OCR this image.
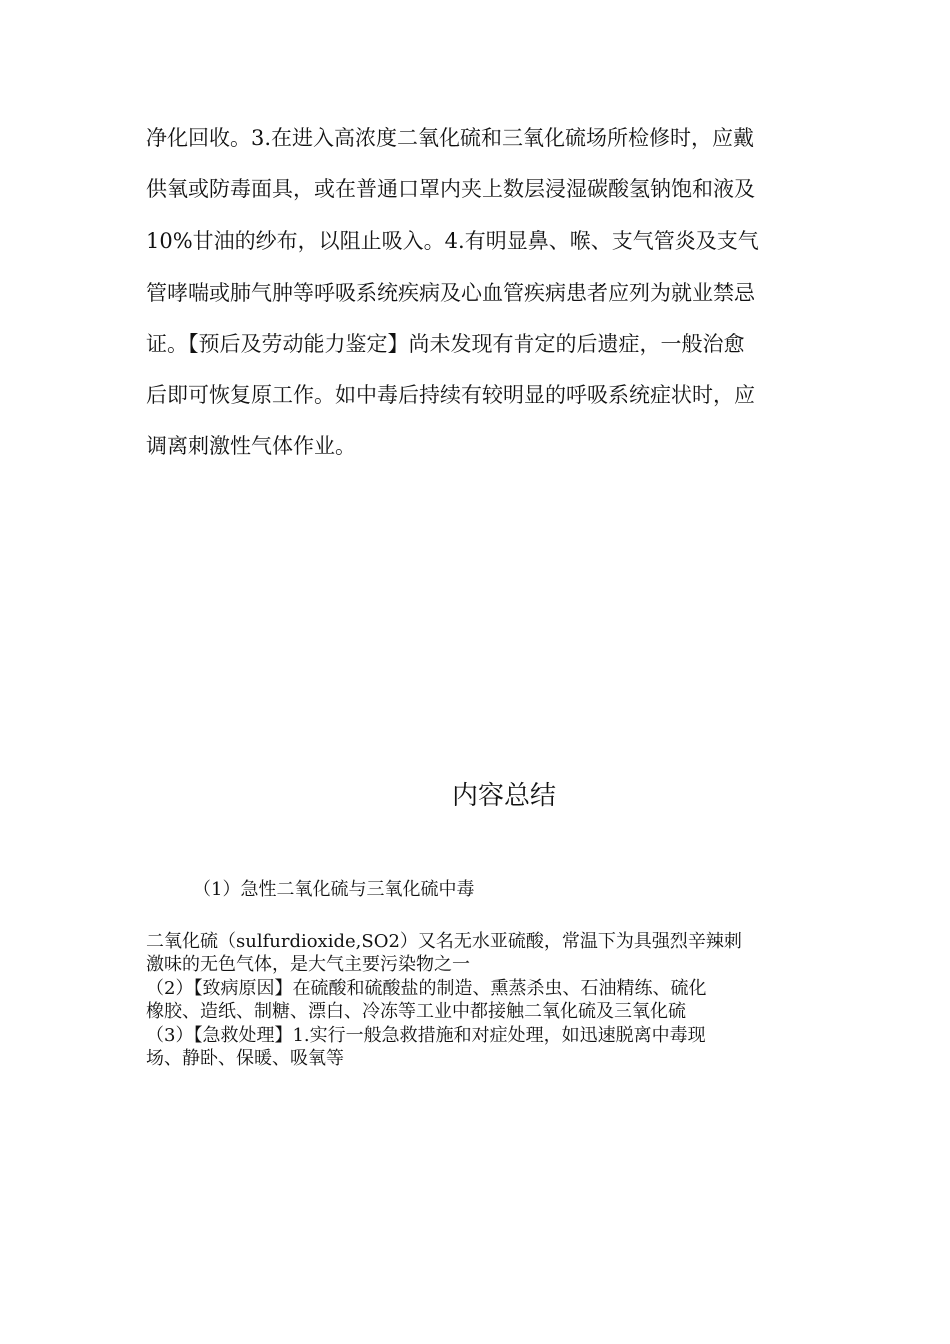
净化回收。3.在进入高浓度二氧化硫和三氧化硫场所检修时，应戴
供氧或防毒面具，或在普通口罩内夹上数层浸湿碳酸氢钠饱和液及
10%甘油的纱布，以阻止吸入。4.有明显鼻、喉、支气管炎及支气
管哮喘或肺气肿等呼吸系统疾病及心血管疾病患者应列为就业禁忌
证。【预后及劳动能力鉴定】尚未发现有肯定的后遗症，一般治愈
后即可恢复原工作。如中毒后持续有较明显的呼吸系统症状时，应
调离刺激性气体作业。
内容总结
（1）急性二氧化硫与三氧化硫中毒
二氧化硫（sulfurdioxide,SO2）又名无水亚硫酸，常温下为具强烈辛辣刺
激味的无色气体，是大气主要污染物之一
（2）【致病原因】在硫酸和硫酸盐的制造、熏蒸杀虫、石油精练、硫化
橡胶、造纸、制糖、漂白、冷冻等工业中都接触二氧化硫及三氧化硫
（3）【急救处理】1.实行一般急救措施和对症处理，如迅速脱离中毒现
场、静卧、保暖、吸氧等
